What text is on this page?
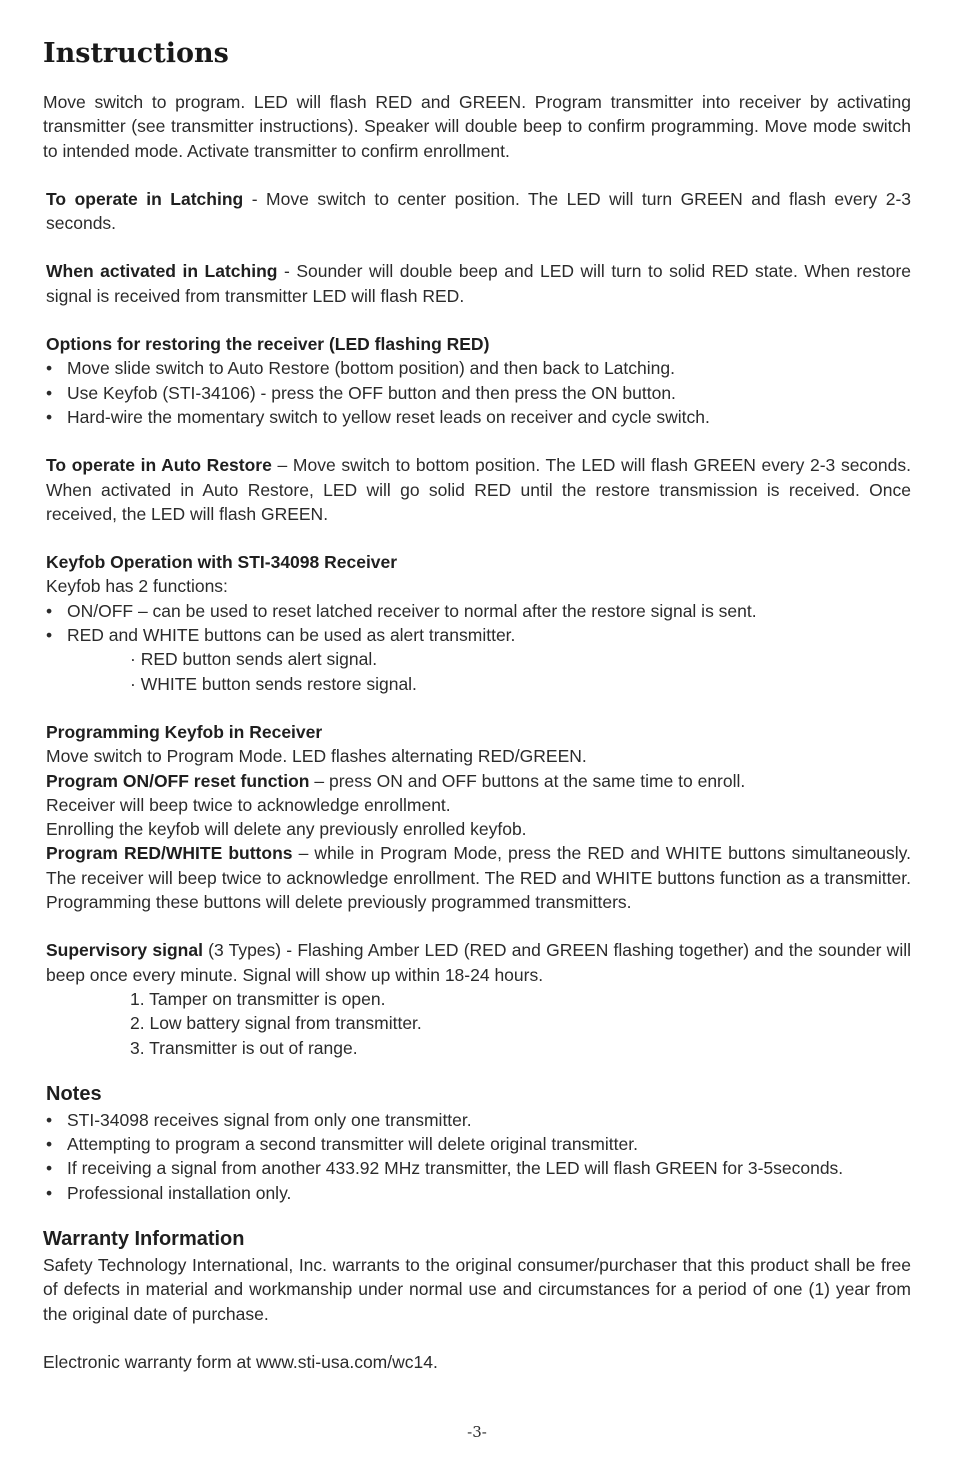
Instructions

Move switch to program. LED will flash RED and GREEN. Program transmitter into receiver by activating transmitter (see transmitter instructions). Speaker will double beep to confirm programming. Move mode switch to intended mode. Activate transmitter to confirm enrollment.

To operate in Latching - Move switch to center position. The LED will turn GREEN and flash every 2-3 seconds.

When activated in Latching - Sounder will double beep and LED will turn to solid RED state. When restore signal is received from transmitter LED will flash RED.

Options for restoring the receiver (LED flashing RED)

• Move slide switch to Auto Restore (bottom position) and then back to Latching.
• Use Keyfob (STI-34106) - press the OFF button and then press the ON button.
• Hard-wire the momentary switch to yellow reset leads on receiver and cycle switch.

To operate in Auto Restore – Move switch to bottom position. The LED will flash GREEN every 2-3 seconds. When activated in Auto Restore, LED will go solid RED until the restore transmission is received. Once received, the LED will flash GREEN.

Keyfob Operation with STI-34098 Receiver

Keyfob has 2 functions:

• ON/OFF – can be used to reset latched receiver to normal after the restore signal is sent.
• RED and WHITE buttons can be used as alert transmitter.

· RED button sends alert signal.

· WHITE button sends restore signal.

Programming Keyfob in Receiver

Move switch to Program Mode. LED flashes alternating RED/GREEN.

Program ON/OFF reset function – press ON and OFF buttons at the same time to enroll.

Receiver will beep twice to acknowledge enrollment.

Enrolling the keyfob will delete any previously enrolled keyfob.

Program RED/WHITE buttons – while in Program Mode, press the RED and WHITE buttons simultaneously. The receiver will beep twice to acknowledge enrollment. The RED and WHITE buttons function as a transmitter. Programming these buttons will delete previously programmed transmitters.

Supervisory signal (3 Types) - Flashing Amber LED (RED and GREEN flashing together) and the sounder will beep once every minute. Signal will show up within 18-24 hours.

1. Tamper on transmitter is open.

2. Low battery signal from transmitter.

3. Transmitter is out of range.

Notes
• STI-34098 receives signal from only one transmitter.
• Attempting to program a second transmitter will delete original transmitter.
• If receiving a signal from another 433.92 MHz transmitter, the LED will flash GREEN for 3-5seconds.
• Professional installation only.
Warranty Information

Safety Technology International, Inc. warrants to the original consumer/purchaser that this product shall be free of defects in material and workmanship under normal use and circumstances for a period of one (1) year from the original date of purchase.

Electronic warranty form at www.sti-usa.com/wc14.

-3-
